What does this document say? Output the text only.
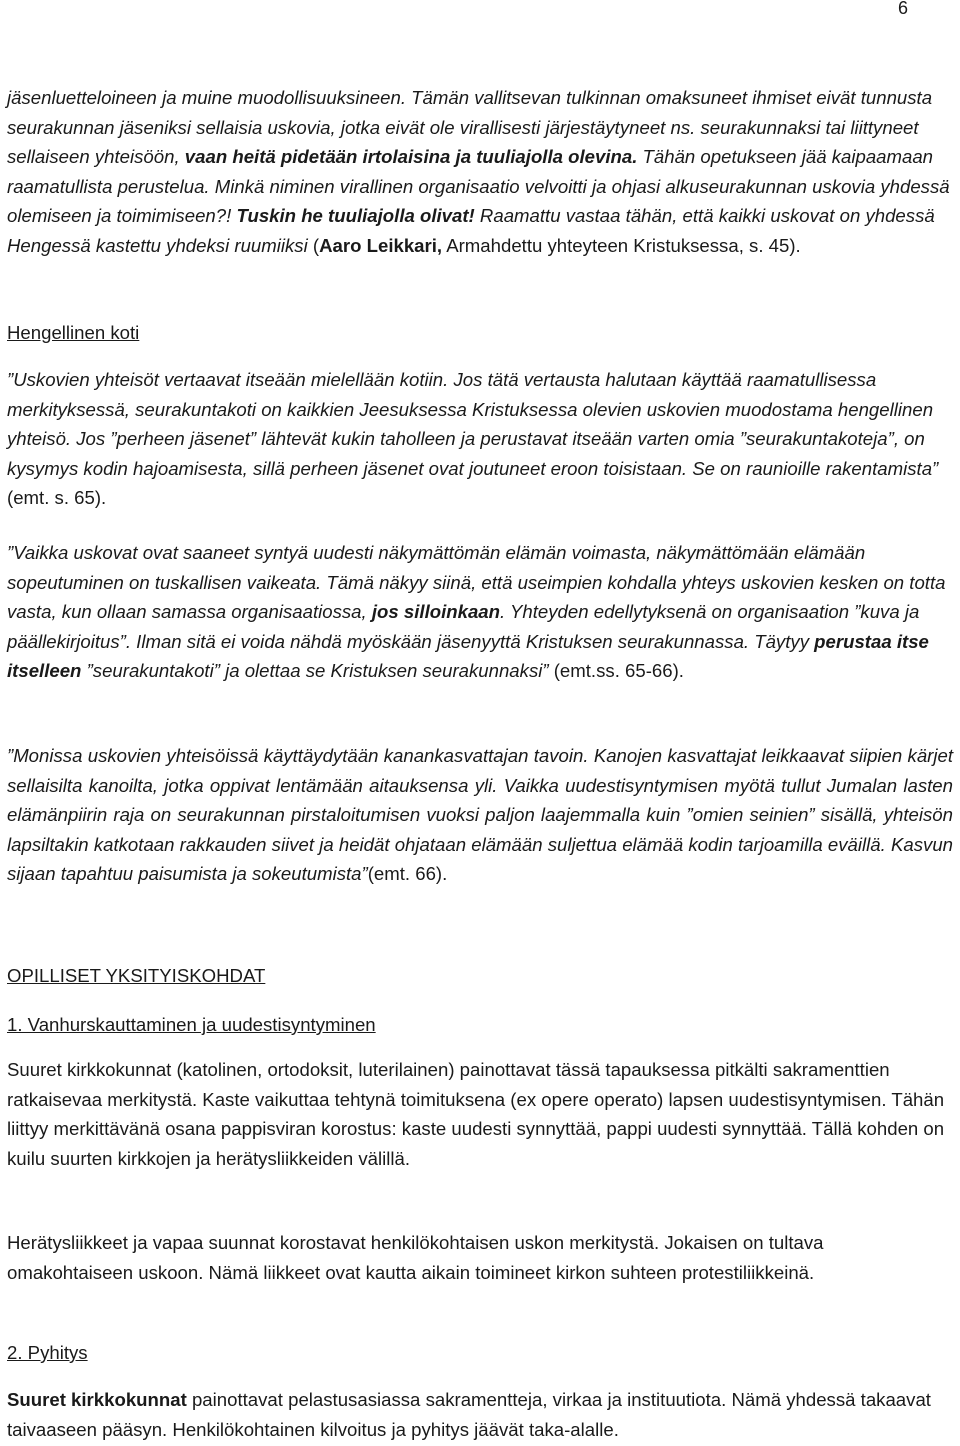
6

jäsenluetteloineen ja muine muodollisuuksineen. Tämän vallitsevan tulkinnan omaksuneet ihmiset eivät tunnusta seurakunnan jäseniksi sellaisia uskovia, jotka eivät ole virallisesti järjestäytyneet ns. seurakunnaksi tai liittyneet sellaiseen yhteisöön, vaan heitä pidetään irtolaisina ja tuuliajolla olevina. Tähän opetukseen jää kaipaamaan raamatullista perustelua. Minkä niminen virallinen organisaatio velvoitti ja ohjasi alkuseurakunnan uskovia yhdessä olemiseen ja toimimiseen?! Tuskin he tuuliajolla olivat! Raamattu vastaa tähän, että kaikki uskovat on yhdessä Hengessä kastettu yhdeksi ruumiiksi (Aaro Leikkari, Armahdettu yhteyteen Kristuksessa, s. 45).

Hengellinen koti

”Uskovien yhteisöt vertaavat itseään mielellään kotiin. Jos tätä vertausta halutaan käyttää raamatullisessa merkityksessä, seurakuntakoti on kaikkien Jeesuksessa Kristuksessa olevien uskovien muodostama hengellinen yhteisö. Jos ”perheen jäsenet” lähtevät kukin taholleen ja perustavat itseään varten omia ”seurakuntakoteja”, on kysymys kodin hajoamisesta, sillä perheen jäsenet ovat joutuneet eroon toisistaan. Se on raunioille rakentamista” (emt. s. 65).

”Vaikka uskovat ovat saaneet syntyä uudesti näkymättömän elämän voimasta, näkymättömään elämään sopeutuminen on tuskallisen vaikeata. Tämä näkyy siinä, että useimpien kohdalla yhteys uskovien kesken on totta vasta, kun ollaan samassa organisaatiossa, jos silloinkaan. Yhteyden edellytyksenä on organisaation ”kuva ja päällekirjoitus”. Ilman sitä ei voida nähdä myöskään jäsenyyttä Kristuksen seurakunnassa. Täytyy perustaa itse itselleen ”seurakuntakoti” ja olettaa se Kristuksen seurakunnaksi” (emt.ss. 65-66).

”Monissa uskovien yhteisöissä käyttäydytään kanankasvattajan tavoin. Kanojen kasvattajat leikkaavat siipien kärjet sellaisilta kanoilta, jotka oppivat lentämään aitauksensa yli. Vaikka uudestisyntymisen myötä tullut Jumalan lasten elämänpiirin raja on seurakunnan pirstaloitumisen vuoksi paljon laajemmalla kuin ”omien seinien” sisällä, yhteisön lapsiltakin katkotaan rakkauden siivet ja heidät ohjataan elämään suljettua elämää kodin tarjoamilla eväillä. Kasvun sijaan tapahtuu paisumista ja sokeutumista”(emt. 66).

OPILLISET YKSITYISKOHDAT

1. Vanhurskauttaminen ja uudestisyntyminen

Suuret kirkkokunnat (katolinen, ortodoksit, luterilainen) painottavat tässä tapauksessa pitkälti sakramenttien ratkaisevaa merkitystä. Kaste vaikuttaa tehtynä toimituksena (ex opere operato) lapsen uudestisyntymisen. Tähän liittyy merkittävänä osana pappisviran korostus: kaste uudesti synnyttää, pappi uudesti synnyttää. Tällä kohden on kuilu suurten kirkkojen ja herätysliikkeiden välillä.

Herätysliikkeet ja vapaa suunnat korostavat henkilökohtaisen uskon merkitystä. Jokaisen on tultava omakohtaiseen uskoon. Nämä liikkeet ovat kautta aikain toimineet kirkon suhteen protestiliikkeinä.

2. Pyhitys

Suuret kirkkokunnat painottavat pelastusasiassa sakramentteja, virkaa ja instituutiota. Nämä yhdessä takaavat taivaaseen pääsyn. Henkilökohtainen kilvoitus ja pyhitys jäävät taka-alalle.
